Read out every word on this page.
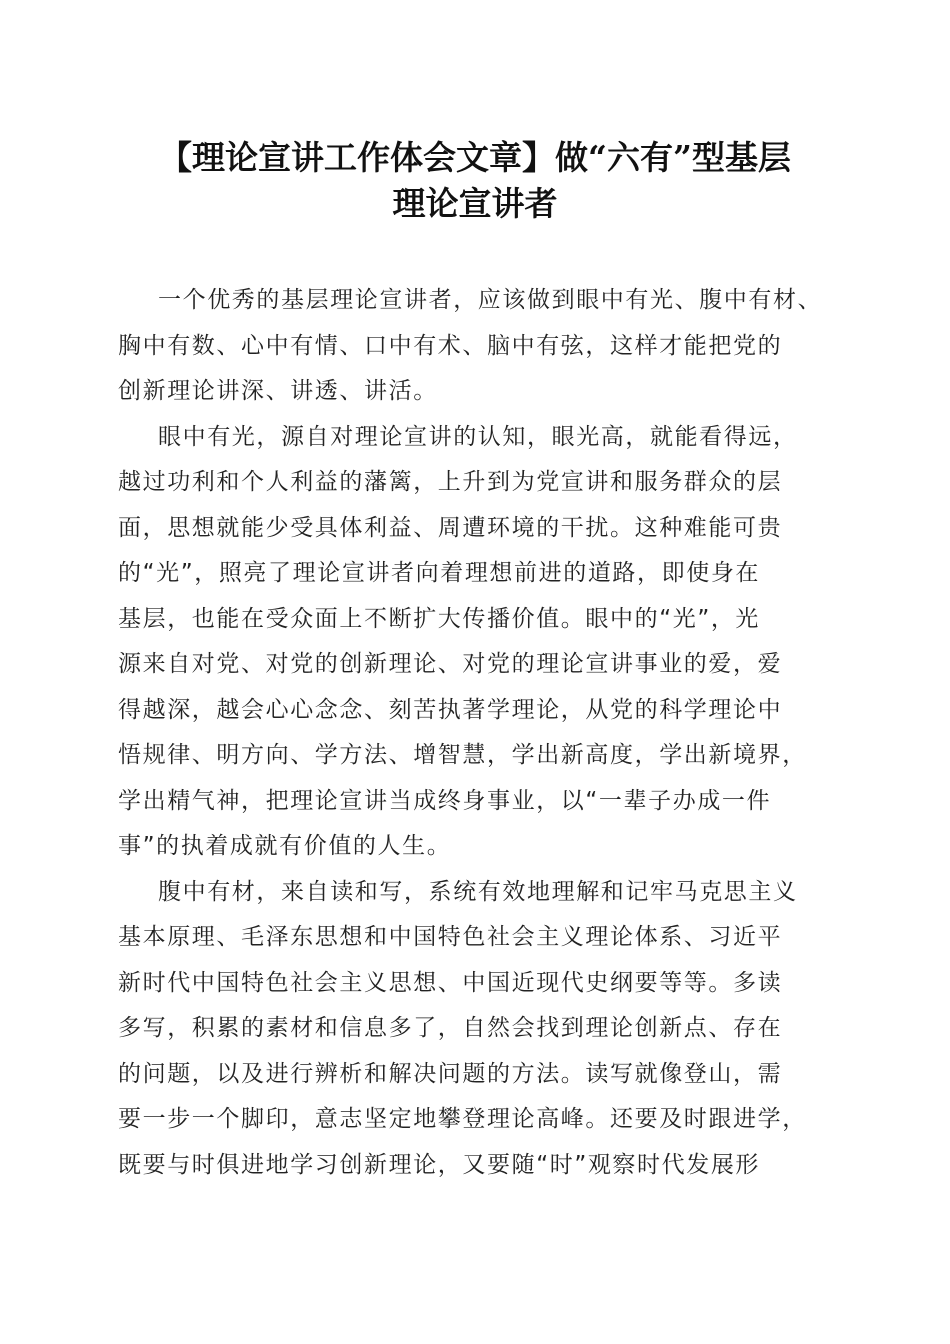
【理论宣讲工作体会文章】做“六有”型基层
理论宣讲者
一个优秀的基层理论宣讲者，应该做到眼中有光、腹中有材、
胸中有数、心中有情、口中有术、脑中有弦，这样才能把党的
创新理论讲深、讲透、讲活。
眼中有光，源自对理论宣讲的认知，眼光高，就能看得远，
越过功利和个人利益的藩篱，上升到为党宣讲和服务群众的层
面，思想就能少受具体利益、周遭环境的干扰。这种难能可贵
的“光”，照亮了理论宣讲者向着理想前进的道路，即使身在
基层，也能在受众面上不断扩大传播价值。眼中的“光”，光
源来自对党、对党的创新理论、对党的理论宣讲事业的爱，爱
得越深，越会心心念念、刻苦执著学理论，从党的科学理论中
悟规律、明方向、学方法、增智慧，学出新高度，学出新境界，
学出精气神，把理论宣讲当成终身事业，以“一辈子办成一件
事”的执着成就有价值的人生。
腹中有材，来自读和写，系统有效地理解和记牢马克思主义
基本原理、毛泽东思想和中国特色社会主义理论体系、习近平
新时代中国特色社会主义思想、中国近现代史纲要等等。多读
多写，积累的素材和信息多了，自然会找到理论创新点、存在
的问题，以及进行辨析和解决问题的方法。读写就像登山，需
要一步一个脚印，意志坚定地攀登理论高峰。还要及时跟进学，
既要与时俱进地学习创新理论，又要随“时”观察时代发展形
